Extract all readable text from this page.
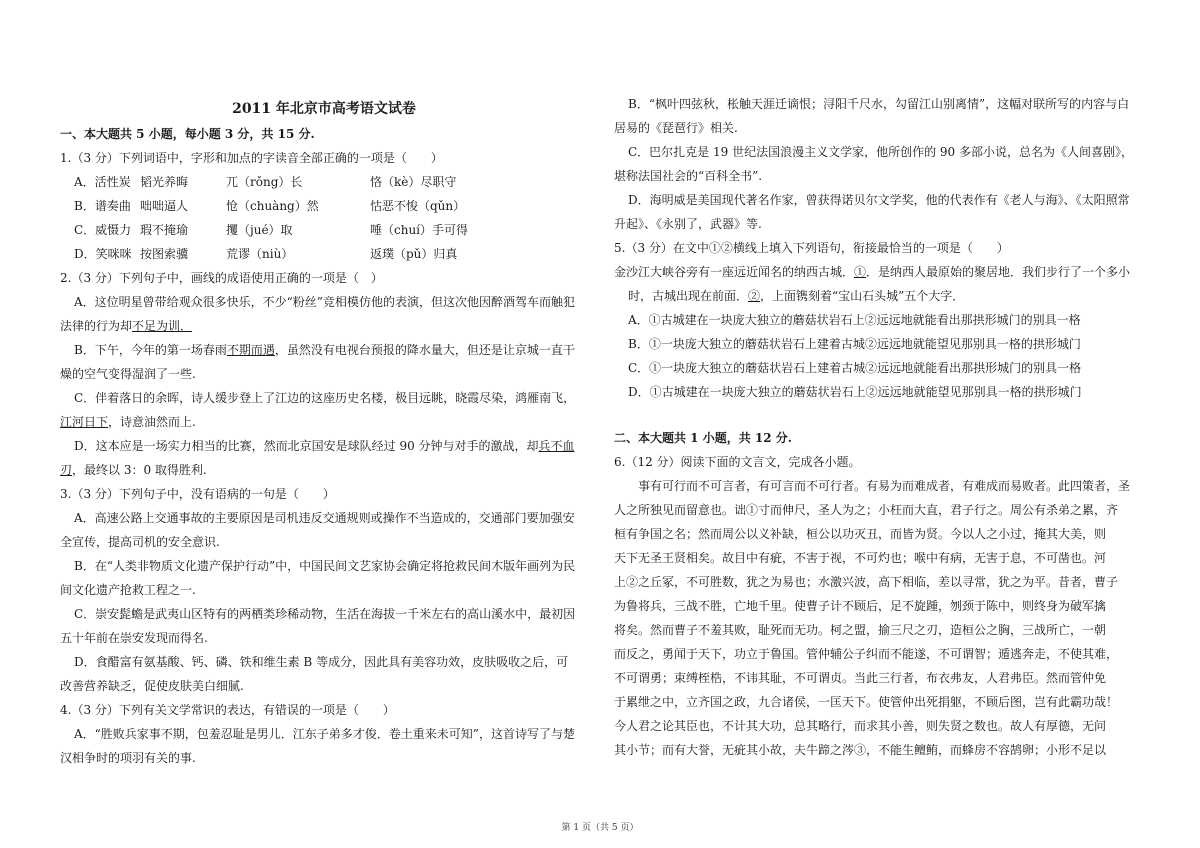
2011 年北京市高考语文试卷
一、本大题共 5 小题，每小题 3 分，共 15 分.

1.（3 分）下列词语中，字形和加点的字读音全部正确的一项是（　　）

A．活性炭 韬光养晦	兀（rǒng）长	恪（kè）尽职守
B．谱奏曲 咄咄逼人	怆（chuàng）然	怙恶不悛（qǔn）
C．威慑力 瑕不掩瑜	攫（jué）取	唾（chuí）手可得
D．笑咪咪 按图索骥	荒谬（niù）	返璞（pǔ）归真

2.（3 分）下列句子中，画线的成语使用正确的一项是（　）

A．这位明星曾带给观众很多快乐，不少“粉丝”竞相模仿他的表演，但这次他因醉酒驾车而触犯

法律的行为却不足为训．

B．下午，今年的第一场春雨不期而遇，虽然没有电视台预报的降水量大，但还是让京城一直干

燥的空气变得湿润了一些.

C．伴着落日的余晖，诗人缓步登上了江边的这座历史名楼，极目远眺，晓霞尽染，鸿雁南飞，

江河日下，诗意油然而上.

D．这本应是一场实力相当的比赛，然而北京国安是球队经过 90 分钟与对手的激战，却兵不血

刃，最终以 3：0 取得胜利.

3.（3 分）下列句子中，没有语病的一句是（　　）

A．高速公路上交通事故的主要原因是司机违反交通规则或操作不当造成的，交通部门要加强安

全宣传，提高司机的安全意识.

B．在“人类非物质文化遗产保护行动”中，中国民间文艺家协会确定将抢救民间木版年画列为民

间文化遗产抢救工程之一.

C．崇安髭蟾是武夷山区特有的两栖类珍稀动物，生活在海拔一千米左右的高山溪水中，最初因

五十年前在崇安发现而得名.

D．食醋富有氨基酸、钙、磷、铁和维生素 B 等成分，因此具有美容功效，皮肤吸收之后，可

改善营养缺乏，促使皮肤美白细腻.

4.（3 分）下列有关文学常识的表达，有错误的一项是（　　）

A．“胜败兵家事不期，包羞忍耻是男儿．江东子弟多才俊．卷土重来未可知”，这首诗写了与楚

汉相争时的项羽有关的事.

B．“枫叶四弦秋，枨触天涯迁谪恨；浔阳千尺水，勾留江山别离情”，这幅对联所写的内容与白

居易的《琵琶行》相关.

C．巴尔扎克是 19 世纪法国浪漫主义文学家，他所创作的 90 多部小说，总名为《人间喜剧》，

堪称法国社会的“百科全书”.

D．海明威是美国现代著名作家，曾获得诺贝尔文学奖，他的代表作有《老人与海》、《太阳照常

升起》、《永别了，武器》等.

5.（3 分）在文中①②横线上填入下列语句，衔接最恰当的一项是（　　）

金沙江大峡谷旁有一座远近闻名的纳西古城．①．是纳西人最原始的聚居地．我们步行了一个多小

时，古城出现在前面．②，上面镌刻着“宝山石头城”五个大字．

A．①古城建在一块庞大独立的蘑菇状岩石上②远远地就能看出那拱形城门的别具一格

B．①一块庞大独立的蘑菇状岩石上建着古城②远远地就能望见那别具一格的拱形城门

C．①一块庞大独立的蘑菇状岩石上建着古城②远远地就能看出那拱形城门的别具一格

D．①古城建在一块庞大独立的蘑菇状岩石上②远远地就能望见那别具一格的拱形城门

二、本大题共 1 小题，共 12 分.

6.（12 分）阅读下面的文言文，完成各小题。

　　事有可行而不可言者，有可言而不可行者。有易为而难成者，有难成而易败者。此四策者，圣

人之所独见而留意也。诎①寸而伸尺，圣人为之；小枉而大直，君子行之。周公有杀弟之累，齐

桓有争国之名；然而周公以义补缺，桓公以功灭丑，而皆为贤。今以人之小过，掩其大美，则

天下无圣王贤相矣。故目中有疵，不害于视，不可灼也；喉中有病，无害于息，不可凿也。河

上②之丘冢，不可胜数，犹之为易也；水激兴波，高下相临，差以寻常，犹之为平。昔者，曹子

为鲁将兵，三战不胜，亡地千里。使曹子计不顾后，足不旋踵，刎颈于陈中，则终身为破军擒

将矣。然而曹子不羞其败，耻死而无功。柯之盟，揄三尺之刃，造桓公之胸，三战所亡，一朝

而反之，勇闻于天下，功立于鲁国。管仲辅公子纠而不能遂，不可谓智；遁逃奔走，不使其难，

不可谓勇；束缚桎梏，不讳其耻，不可谓贞。当此三行者，布衣弗友，人君弗臣。然而管仲免

于累绁之中，立齐国之政，九合诸侯，一匡天下。使管仲出死捐躯，不顾后图，岂有此霸功哉！

今人君之论其臣也，不计其大功，总其略行，而求其小善，则失贤之数也。故人有厚德，无问

其小节；而有大誉，无疵其小故，夫牛蹄之涔③，不能生鳣鲔，而蜂房不容鹄卵；小形不足以

第 1 页（共 5 页）
